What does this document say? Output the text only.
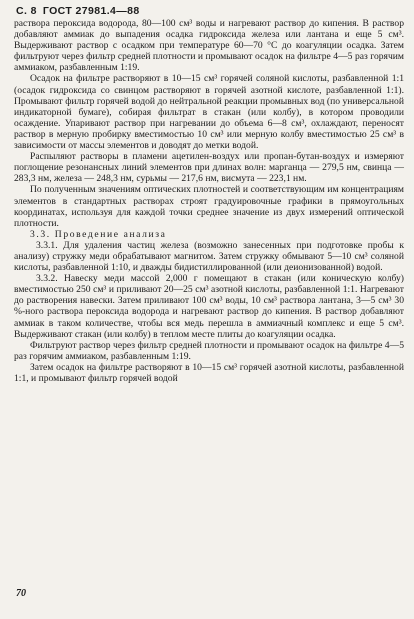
С. 8 ГОСТ 27981.4—88

раствора пероксида водорода, 80—100 см³ воды и нагревают раствор до кипения. В раствор добавляют аммиак до выпадения осадка гидроксида железа или лантана и еще 5 см³. Выдерживают раствор с осадком при температуре 60—70 °С до коагуляции осадка. Затем фильтруют через фильтр средней плотности и промывают осадок на фильтре 4—5 раз горячим аммиаком, разбавленным 1:19.

Осадок на фильтре растворяют в 10—15 см³ горячей соляной кислоты, разбавленной 1:1 (осадок гидроксида со свинцом растворяют в горячей азотной кислоте, разбавленной 1:1). Промывают фильтр горячей водой до нейтральной реакции промывных вод (по универсальной индикаторной бумаге), собирая фильтрат в стакан (или колбу), в котором проводили осаждение. Упаривают раствор при нагревании до объема 6—8 см³, охлаждают, переносят раствор в мерную пробирку вместимостью 10 см³ или мерную колбу вместимостью 25 см³ в зависимости от массы элементов и доводят до метки водой.

Распыляют растворы в пламени ацетилен-воздух или пропан-бутан-воздух и измеряют поглощение резонансных линий элементов при длинах волн: марганца — 279,5 нм, свинца — 283,3 нм, железа — 248,3 нм, сурьмы — 217,6 нм, висмута — 223,1 нм.

По полученным значениям оптических плотностей и соответствующим им концентрациям элементов в стандартных растворах строят градуировочные графики в прямоугольных координатах, используя для каждой точки среднее значение из двух измерений оптической плотности.

3.3. Проведение анализа

3.3.1. Для удаления частиц железа (возможно занесенных при подготовке пробы к анализу) стружку меди обрабатывают магнитом. Затем стружку обмывают 5—10 см³ соляной кислоты, разбавленной 1:10, и дважды бидистиллированной (или деионизованной) водой.

3.3.2. Навеску меди массой 2,000 г помещают в стакан (или коническую колбу) вместимостью 250 см³ и приливают 20—25 см³ азотной кислоты, разбавленной 1:1. Нагревают до растворения навески. Затем приливают 100 см³ воды, 10 см³ раствора лантана, 3—5 см³ 30 %-ного раствора пероксида водорода и нагревают раствор до кипения. В раствор добавляют аммиак в таком количестве, чтобы вся медь перешла в аммиачный комплекс и еще 5 см³. Выдерживают стакан (или колбу) в теплом месте плиты до коагуляции осадка.

Фильтруют раствор через фильтр средней плотности и промывают осадок на фильтре 4—5 раз горячим аммиаком, разбавленным 1:19.

Затем осадок на фильтре растворяют в 10—15 см³ горячей азотной кислоты, разбавленной 1:1, и промывают фильтр горячей водой

70
